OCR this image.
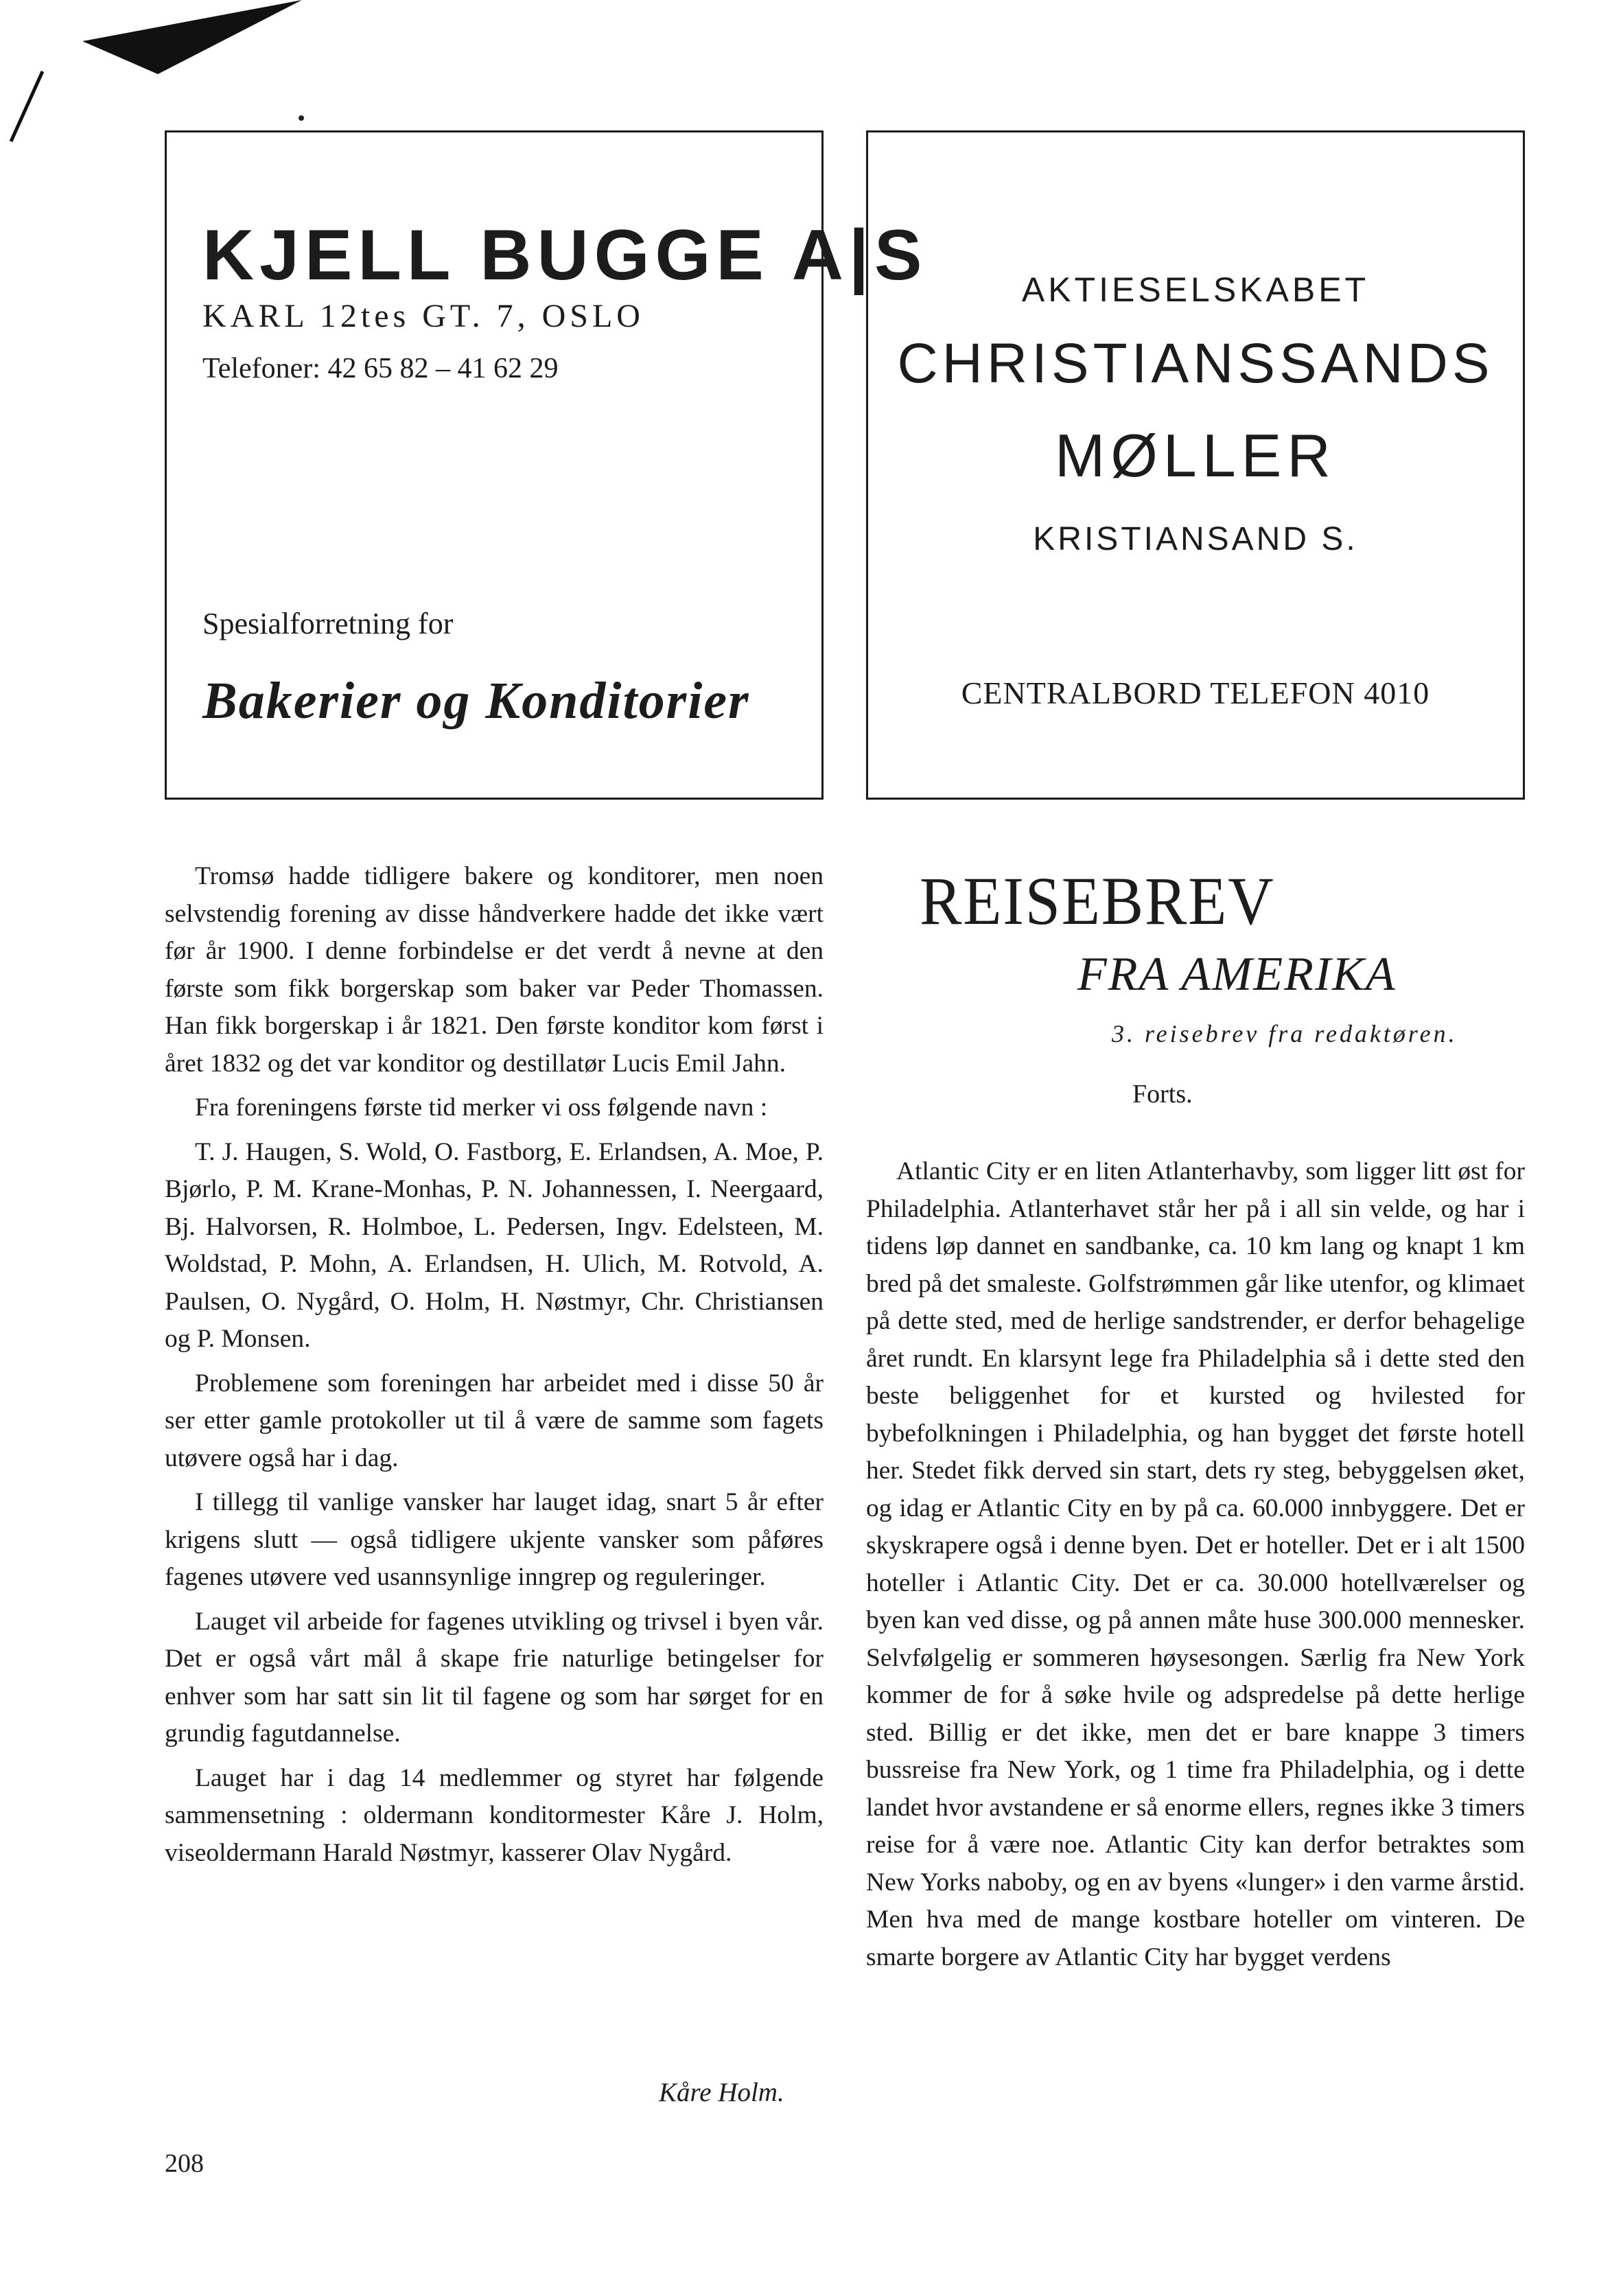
KJELL BUGGE A|S
KARL 12tes GT. 7, OSLO
Telefoner: 42 65 82 – 41 62 29
Spesialforretning for
Bakerier og Konditorier
AKTIESELSKABET
CHRISTIANSSANDS
MØLLER
KRISTIANSAND S.
CENTRALBORD TELEFON 4010

Tromsø hadde tidligere bakere og konditorer, men noen selvstendig forening av disse håndverkere hadde det ikke vært før år 1900. I denne forbindelse er det verdt å nevne at den første som fikk borgerskap som baker var Peder Thomassen. Han fikk borgerskap i år 1821. Den første konditor kom først i året 1832 og det var konditor og destillatør Lucis Emil Jahn.

Fra foreningens første tid merker vi oss følgende navn :

T. J. Haugen, S. Wold, O. Fastborg, E. Erlandsen, A. Moe, P. Bjørlo, P. M. Krane-Monhas, P. N. Johannessen, I. Neergaard, Bj. Halvorsen, R. Holmboe, L. Pedersen, Ingv. Edelsteen, M. Woldstad, P. Mohn, A. Erlandsen, H. Ulich, M. Rotvold, A. Paulsen, O. Nygård, O. Holm, H. Nøstmyr, Chr. Christiansen og P. Monsen.

Problemene som foreningen har arbeidet med i disse 50 år ser etter gamle protokoller ut til å være de samme som fagets utøvere også har i dag.

I tillegg til vanlige vansker har lauget idag, snart 5 år efter krigens slutt — også tidligere ukjente vansker som påføres fagenes utøvere ved usannsynlige inngrep og reguleringer.

Lauget vil arbeide for fagenes utvikling og trivsel i byen vår. Det er også vårt mål å skape frie naturlige betingelser for enhver som har satt sin lit til fagene og som har sørget for en grundig fagutdannelse.

Lauget har i dag 14 medlemmer og styret har følgende sammensetning : oldermann konditormester Kåre J. Holm, viseoldermann Harald Nøstmyr, kasserer Olav Nygård.

Kåre Holm.
REISEBREV
FRA AMERIKA
3. reisebrev fra redaktøren.
Forts.

Atlantic City er en liten Atlanterhavby, som ligger litt øst for Philadelphia. Atlanterhavet står her på i all sin velde, og har i tidens løp dannet en sandbanke, ca. 10 km lang og knapt 1 km bred på det smaleste. Golfstrømmen går like utenfor, og klimaet på dette sted, med de herlige sandstrender, er derfor behagelige året rundt. En klarsynt lege fra Philadelphia så i dette sted den beste beliggenhet for et kursted og hvilested for bybefolkningen i Philadelphia, og han bygget det første hotell her. Stedet fikk derved sin start, dets ry steg, bebyggelsen øket, og idag er Atlantic City en by på ca. 60.000 innbyggere. Det er skyskrapere også i denne byen. Det er hoteller. Det er i alt 1500 hoteller i Atlantic City. Det er ca. 30.000 hotellværelser og byen kan ved disse, og på annen måte huse 300.000 mennesker. Selvfølgelig er sommeren høysesongen. Særlig fra New York kommer de for å søke hvile og adspredelse på dette herlige sted. Billig er det ikke, men det er bare knappe 3 timers bussreise fra New York, og 1 time fra Philadelphia, og i dette landet hvor avstandene er så enorme ellers, regnes ikke 3 timers reise for å være noe. Atlantic City kan derfor betraktes som New Yorks naboby, og en av byens «lunger» i den varme årstid. Men hva med de mange kostbare hoteller om vinteren. De smarte borgere av Atlantic City har bygget verdens

208
